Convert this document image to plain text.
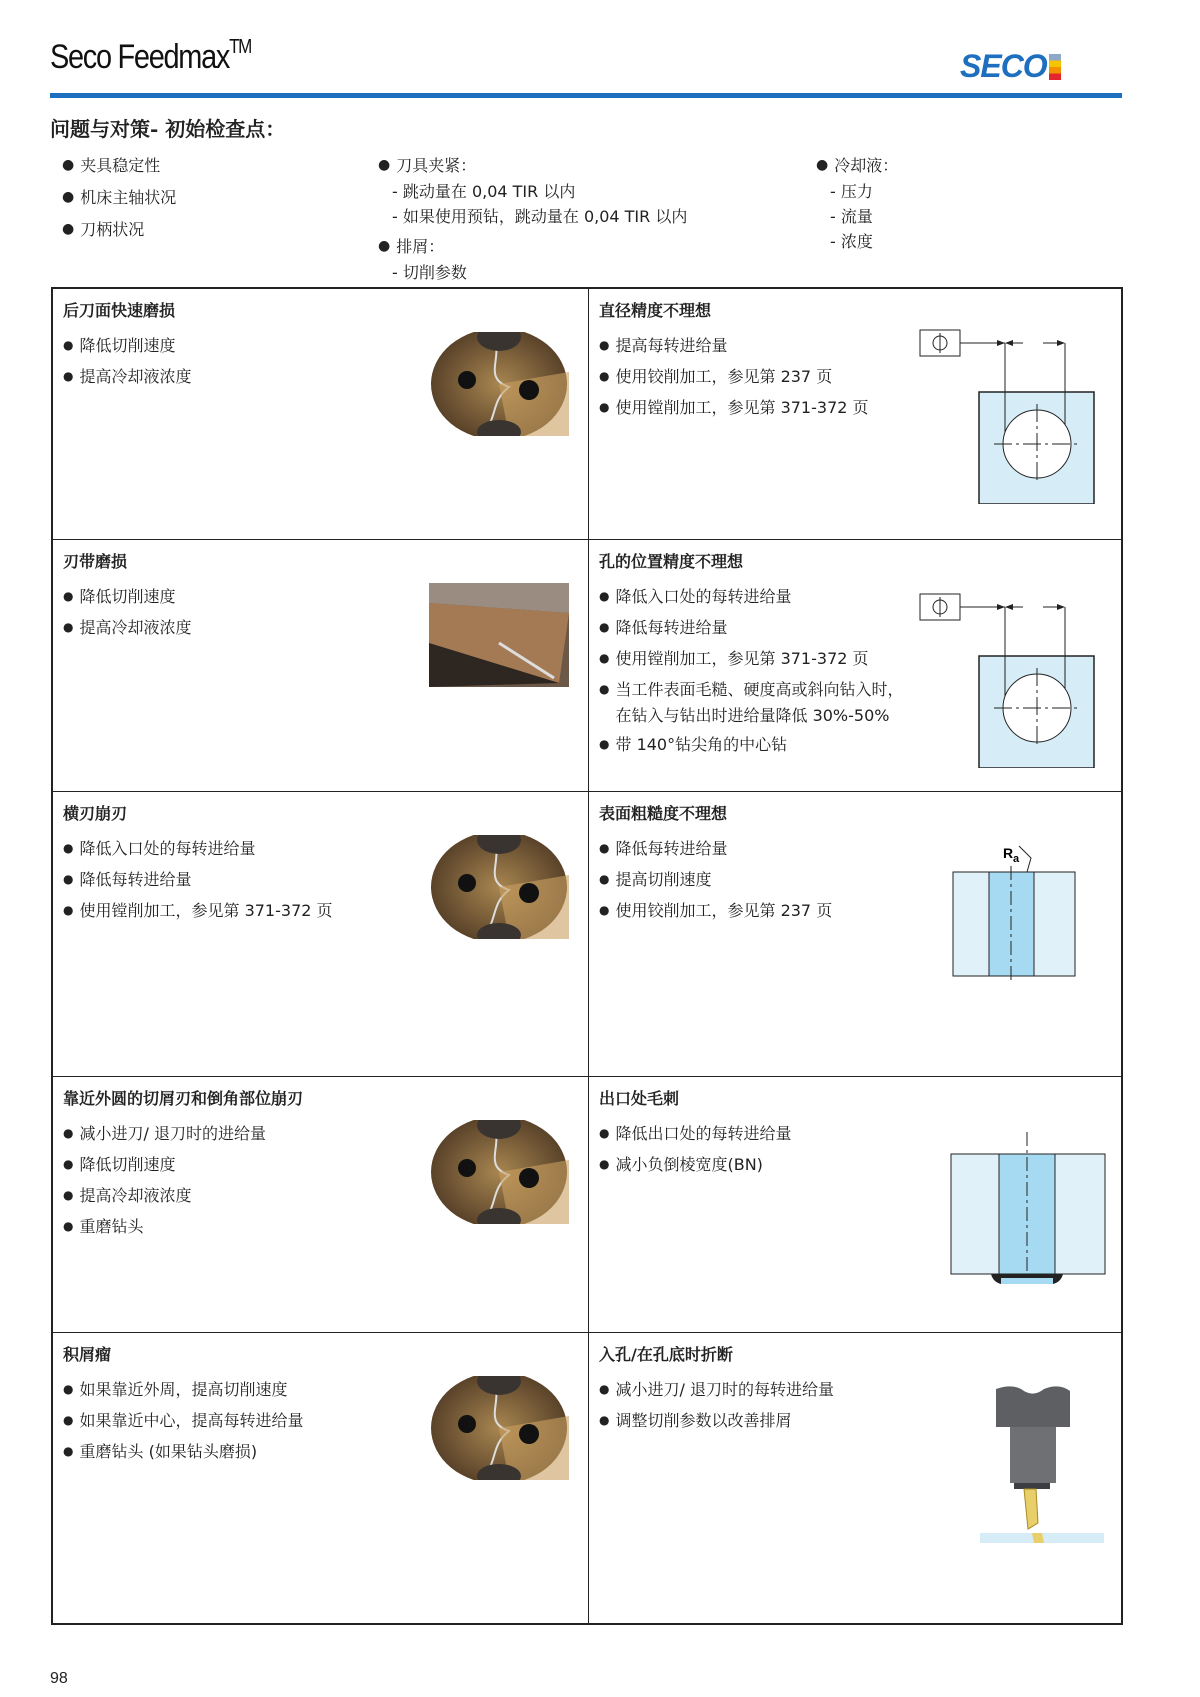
Seco Feedmax™
SECO
问题与对策- 初始检查点：
● 夹具稳定性
● 机床主轴状况
● 刀柄状况
● 刀具夹紧：
- 跳动量在 0,04 TIR 以内
- 如果使用预钻，跳动量在 0,04 TIR 以内
● 排屑：
- 切削参数
● 冷却液：
- 压力
- 流量
- 浓度
后刀面快速磨损
● 降低切削速度
● 提高冷却液浓度
直径精度不理想
● 提高每转进给量
● 使用铰削加工，参见第 237 页
● 使用镗削加工，参见第 371-372 页
刃带磨损
● 降低切削速度
● 提高冷却液浓度
孔的位置精度不理想
● 降低入口处的每转进给量
● 降低每转进给量
● 使用镗削加工，参见第 371-372 页
● 当工件表面毛糙、硬度高或斜向钻入时，
在钻入与钻出时进给量降低 30%-50%
● 带 140°钻尖角的中心钻
横刃崩刃
● 降低入口处的每转进给量
● 降低每转进给量
● 使用镗削加工，参见第 371-372 页
表面粗糙度不理想
● 降低每转进给量
● 提高切削速度
● 使用铰削加工，参见第 237 页
R a
靠近外圆的切屑刃和倒角部位崩刃
● 减小进刀/ 退刀时的进给量
● 降低切削速度
● 提高冷却液浓度
● 重磨钻头
出口处毛刺
● 降低出口处的每转进给量
● 减小负倒棱宽度(BN)
积屑瘤
● 如果靠近外周，提高切削速度
● 如果靠近中心，提高每转进给量
● 重磨钻头 (如果钻头磨损)
入孔/在孔底时折断
● 减小进刀/ 退刀时的每转进给量
● 调整切削参数以改善排屑
98
